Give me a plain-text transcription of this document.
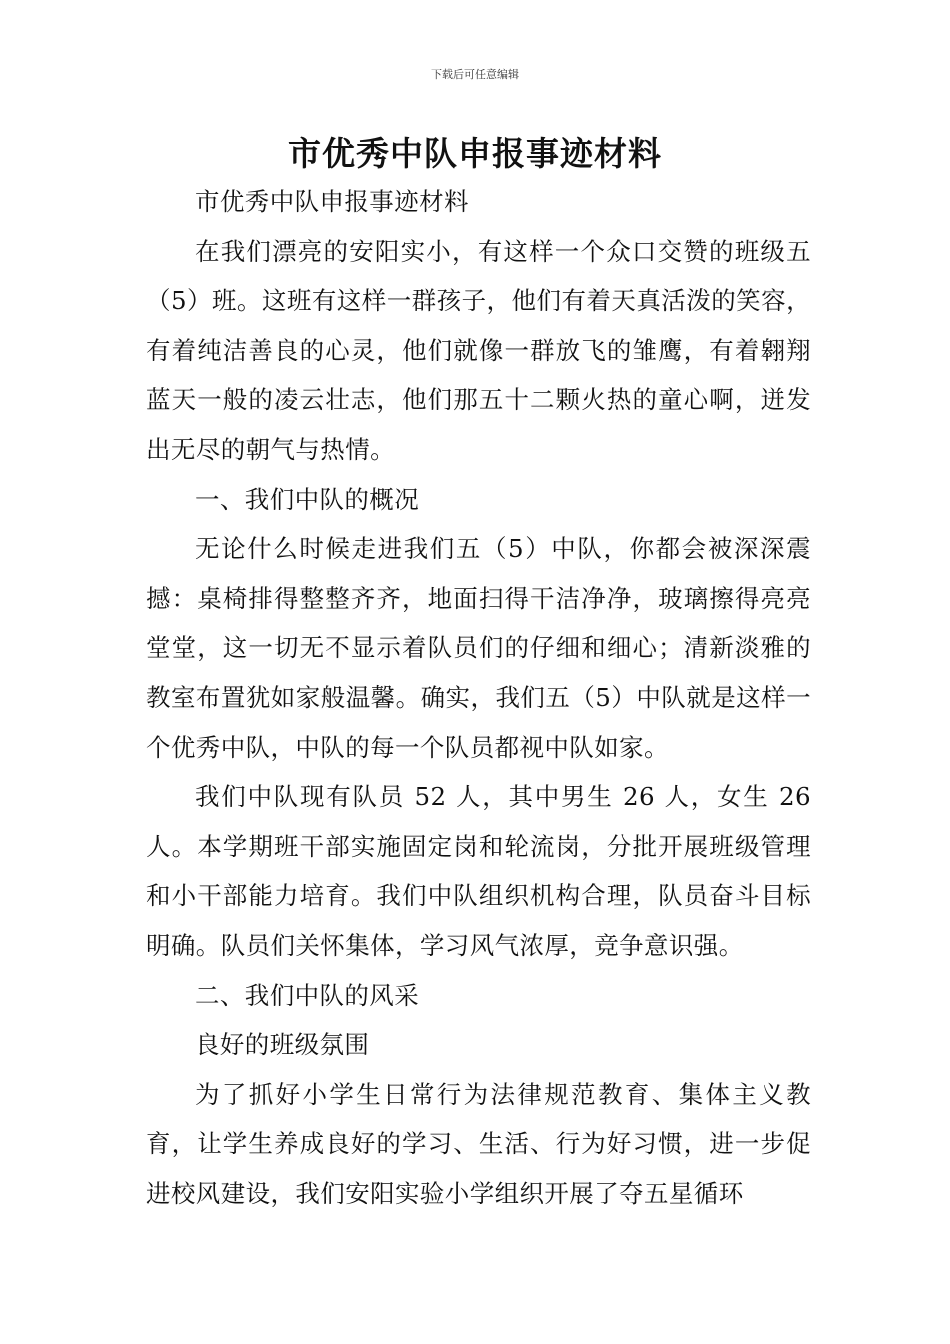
下载后可任意编辑
市优秀中队申报事迹材料

市优秀中队申报事迹材料

在我们漂亮的安阳实小，有这样一个众口交赞的班级五（5）班。这班有这样一群孩子，他们有着天真活泼的笑容，有着纯洁善良的心灵，他们就像一群放飞的雏鹰，有着翱翔蓝天一般的凌云壮志，他们那五十二颗火热的童心啊，迸发出无尽的朝气与热情。

一、我们中队的概况

无论什么时候走进我们五（5）中队，你都会被深深震撼：桌椅排得整整齐齐，地面扫得干洁净净，玻璃擦得亮亮堂堂，这一切无不显示着队员们的仔细和细心；清新淡雅的教室布置犹如家般温馨。确实，我们五（5）中队就是这样一个优秀中队，中队的每一个队员都视中队如家。

我们中队现有队员 52 人，其中男生 26 人，女生 26 人。本学期班干部实施固定岗和轮流岗，分批开展班级管理和小干部能力培育。我们中队组织机构合理，队员奋斗目标明确。队员们关怀集体，学习风气浓厚，竞争意识强。

二、我们中队的风采

良好的班级氛围

为了抓好小学生日常行为法律规范教育、集体主义教育，让学生养成良好的学习、生活、行为好习惯，进一步促进校风建设，我们安阳实验小学组织开展了夺五星循环
